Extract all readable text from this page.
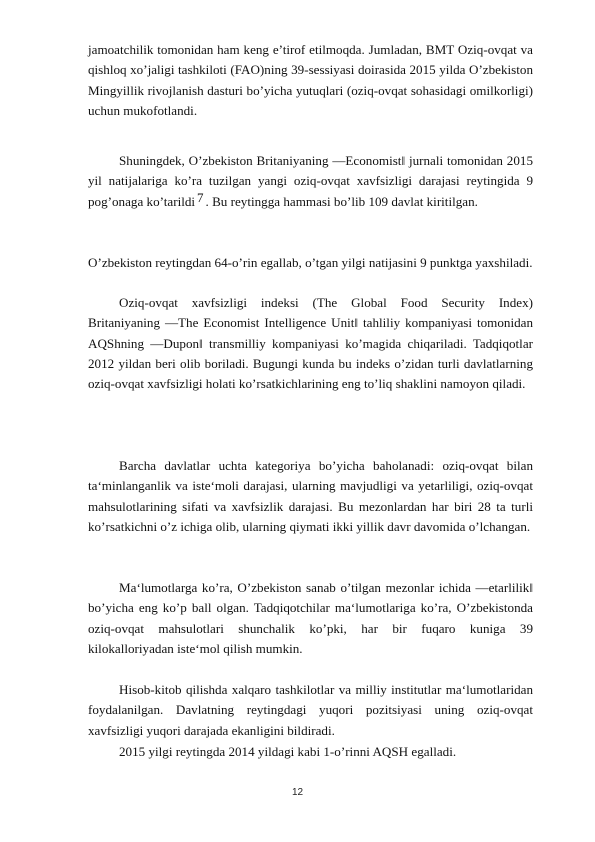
jamoatchilik tomonidan ham keng e’tirof etilmoqda. Jumladan, BMT Oziq-ovqat va qishloq xo’jaligi tashkiloti (FAO)ning 39-sessiyasi doirasida 2015 yilda O’zbekiston Mingyillik rivojlanish dasturi bo’yicha yutuqlari (oziq-ovqat sohasidagi omilkorligi) uchun mukofotlandi.

Shuningdek, O’zbekiston Britaniyaning ―Economist‖ jurnali tomonidan 2015 yil natijalariga ko’ra tuzilgan yangi oziq-ovqat xavfsizligi darajasi reytingida 9 pog’onaga ko’tarildi 7 . Bu reytingga hammasi bo’lib 109 davlat kiritilgan.

O’zbekiston reytingdan 64-o’rin egallab, o’tgan yilgi natijasini 9 punktga yaxshiladi.

Oziq-ovqat xavfsizligi indeksi (The Global Food Security Index) Britaniyaning ―The Economist Intelligence Unit‖ tahliliy kompaniyasi tomonidan AQShning ―Dupon‖ transmilliy kompaniyasi ko’magida chiqariladi. Tadqiqotlar 2012 yildan beri olib boriladi. Bugungi kunda bu indeks o’zidan turli davlatlarning oziq-ovqat xavfsizligi holati ko’rsatkichlarining eng to’liq shaklini namoyon qiladi.

Barcha davlatlar uchta kategoriya bo’yicha baholanadi: oziq-ovqat bilan ta‘minlanganlik va iste‘moli darajasi, ularning mavjudligi va yetarliligi, oziq-ovqat mahsulotlarining sifati va xavfsizlik darajasi. Bu mezonlardan har biri 28 ta turli ko’rsatkichni o’z ichiga olib, ularning qiymati ikki yillik davr davomida o’lchangan.

Ma‘lumotlarga ko’ra, O’zbekiston sanab o’tilgan mezonlar ichida ―etarlilik‖ bo’yicha eng ko’p ball olgan. Tadqiqotchilar ma‘lumotlariga ko’ra, O’zbekistonda oziq-ovqat mahsulotlari shunchalik ko’pki, har bir fuqaro kuniga 39 kilokalloriyadan iste‘mol qilish mumkin.

Hisob-kitob qilishda xalqaro tashkilotlar va milliy institutlar ma‘lumotlaridan foydalanilgan. Davlatning reytingdagi yuqori pozitsiyasi uning oziq-ovqat xavfsizligi yuqori darajada ekanligini bildiradi.

2015 yilgi reytingda 2014 yildagi kabi 1-o’rinni AQSH egalladi.

12
